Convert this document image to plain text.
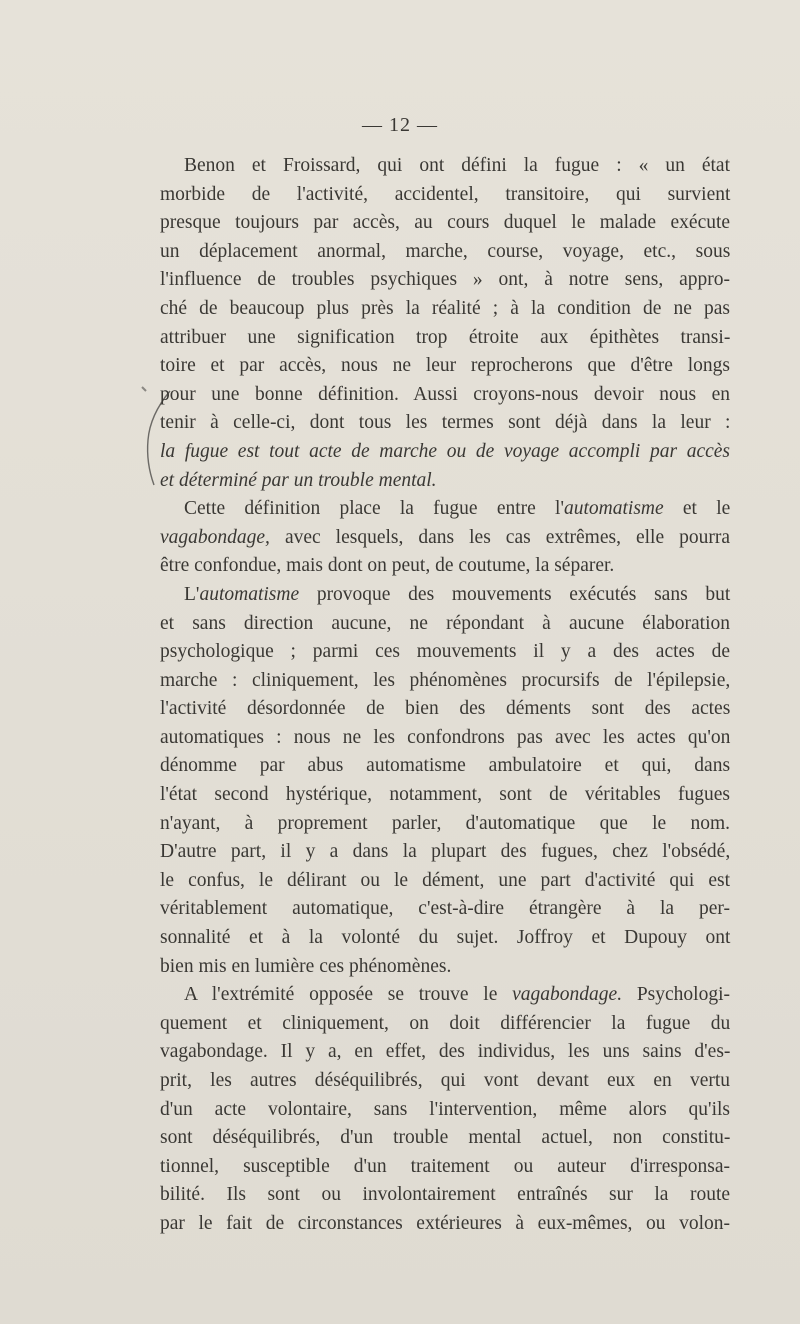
— 12 —
Benon et Froissard, qui ont défini la fugue : « un état
morbide de l'activité, accidentel, transitoire, qui survient
presque toujours par accès, au cours duquel le malade exécute
un déplacement anormal, marche, course, voyage, etc., sous
l'influence de troubles psychiques » ont, à notre sens, appro-
ché de beaucoup plus près la réalité ; à la condition de ne pas
attribuer une signification trop étroite aux épithètes transi-
toire et par accès, nous ne leur reprocherons que d'être longs
pour une bonne définition. Aussi croyons-nous devoir nous en
tenir à celle-ci, dont tous les termes sont déjà dans la leur :
la fugue est tout acte de marche ou de voyage accompli par accès
et déterminé par un trouble mental.
Cette définition place la fugue entre l'automatisme et le
vagabondage, avec lesquels, dans les cas extrêmes, elle pourra
être confondue, mais dont on peut, de coutume, la séparer.
L'automatisme provoque des mouvements exécutés sans but
et sans direction aucune, ne répondant à aucune élaboration
psychologique ; parmi ces mouvements il y a des actes de
marche : cliniquement, les phénomènes procursifs de l'épilepsie,
l'activité désordonnée de bien des déments sont des actes
automatiques : nous ne les confondrons pas avec les actes qu'on
dénomme par abus automatisme ambulatoire et qui, dans
l'état second hystérique, notamment, sont de véritables fugues
n'ayant, à proprement parler, d'automatique que le nom.
D'autre part, il y a dans la plupart des fugues, chez l'obsédé,
le confus, le délirant ou le dément, une part d'activité qui est
véritablement automatique, c'est-à-dire étrangère à la per-
sonnalité et à la volonté du sujet. Joffroy et Dupouy ont
bien mis en lumière ces phénomènes.
A l'extrémité opposée se trouve le vagabondage. Psychologi-
quement et cliniquement, on doit différencier la fugue du
vagabondage. Il y a, en effet, des individus, les uns sains d'es-
prit, les autres déséquilibrés, qui vont devant eux en vertu
d'un acte volontaire, sans l'intervention, même alors qu'ils
sont déséquilibrés, d'un trouble mental actuel, non constitu-
tionnel, susceptible d'un traitement ou auteur d'irresponsa-
bilité. Ils sont ou involontairement entraînés sur la route
par le fait de circonstances extérieures à eux-mêmes, ou volon-
